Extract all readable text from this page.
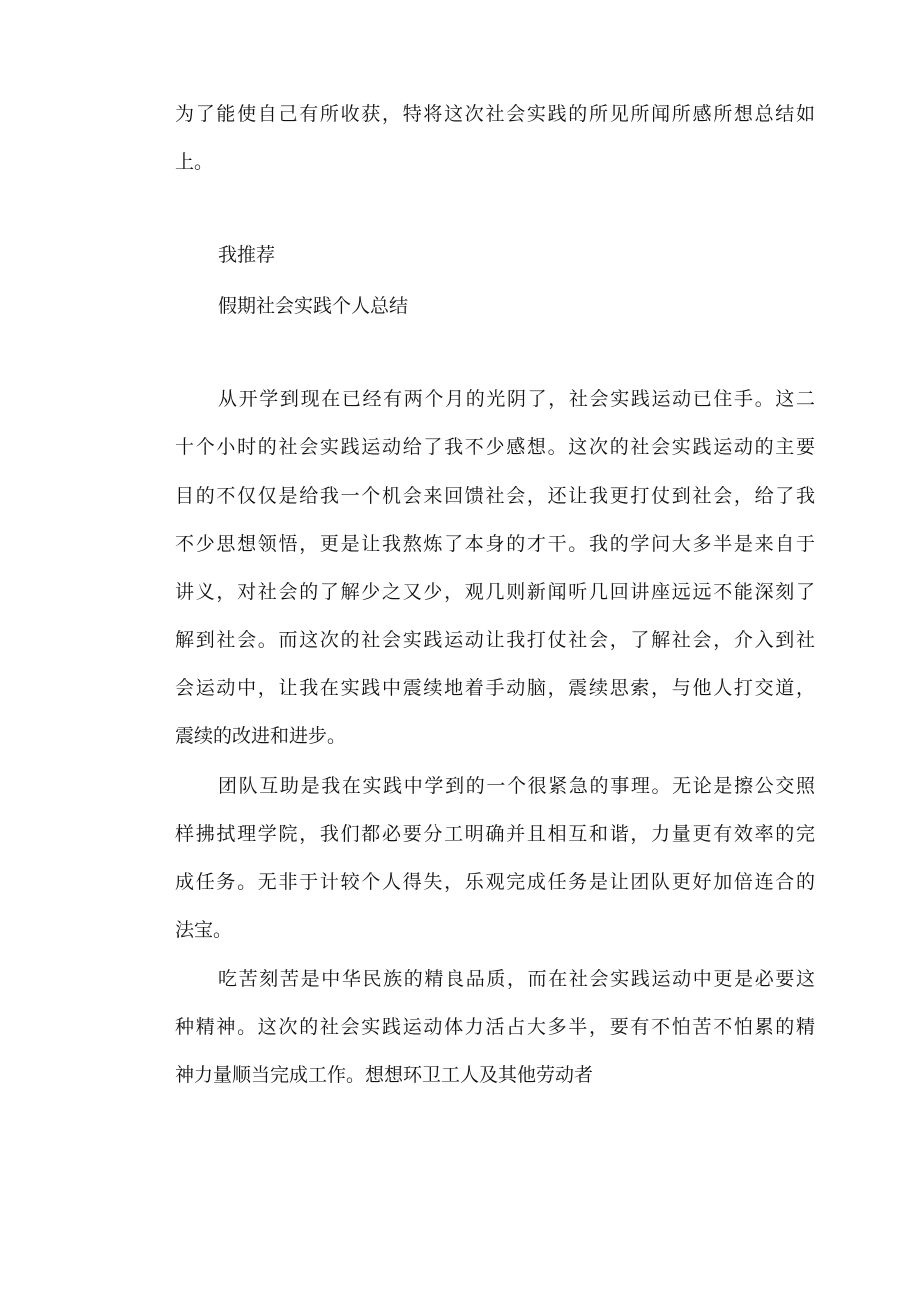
为了能使自己有所收获，特将这次社会实践的所见所闻所感所想总结如
上。
我推荐
假期社会实践个人总结
从开学到现在已经有两个月的光阴了，社会实践运动已住手。这二
十个小时的社会实践运动给了我不少感想。这次的社会实践运动的主要
目的不仅仅是给我一个机会来回馈社会，还让我更打仗到社会，给了我
不少思想领悟，更是让我熬炼了本身的才干。我的学问大多半是来自于
讲义，对社会的了解少之又少，观几则新闻听几回讲座远远不能深刻了
解到社会。而这次的社会实践运动让我打仗社会，了解社会，介入到社
会运动中，让我在实践中震续地着手动脑，震续思索，与他人打交道，
震续的改进和进步。
团队互助是我在实践中学到的一个很紧急的事理。无论是擦公交照
样拂拭理学院，我们都必要分工明确并且相互和谐，力量更有效率的完
成任务。无非于计较个人得失，乐观完成任务是让团队更好加倍连合的
法宝。
吃苦刻苦是中华民族的精良品质，而在社会实践运动中更是必要这
种精神。这次的社会实践运动体力活占大多半，要有不怕苦不怕累的精
神力量顺当完成工作。想想环卫工人及其他劳动者
